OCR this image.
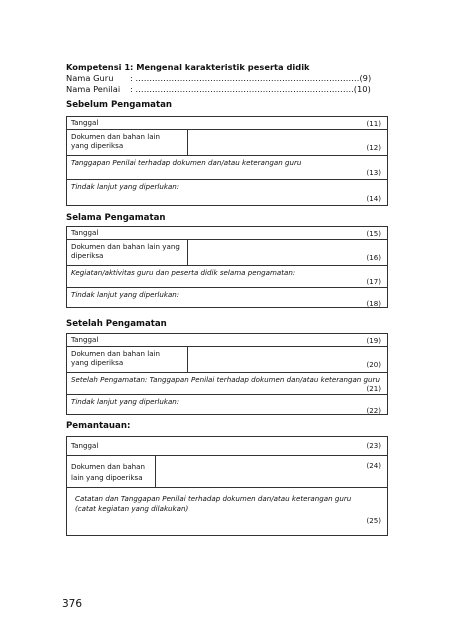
Kompetensi 1: Mengenal karakteristik peserta didik
Nama Guru : ………………………………………………………………………(9)
Nama Penilai : …………………………………………………………………….(10)
Sebelum Pengamatan
Tanggal	(11)
Dokumen dan bahan lain
yang diperiksa	(12)
Tanggapan Penilai terhadap dokumen dan/atau keterangan guru
(13)
Tindak lanjut yang diperlukan:
(14)
Selama Pengamatan
Tanggal	(15)
Dokumen dan bahan lain yang
diperiksa	(16)
Kegiatan/aktivitas guru dan peserta didik selama pengamatan:
(17)
Tindak lanjut yang diperlukan:
(18)
Setelah Pengamatan
Tanggal	(19)
Dokumen dan bahan lain
yang diperiksa	(20)
Setelah Pengamatan: Tanggapan Penilai terhadap dokumen dan/atau keterangan guru
(21)
Tindak lanjut yang diperlukan:
(22)
Pemantauan:
Tanggal	(23)
Dokumen dan bahan
lain yang dipoeriksa
(24)
Catatan dan Tanggapan Penilai terhadap dokumen dan/atau keterangan guru
(catat kegiatan yang dilakukan)
(25)
376
